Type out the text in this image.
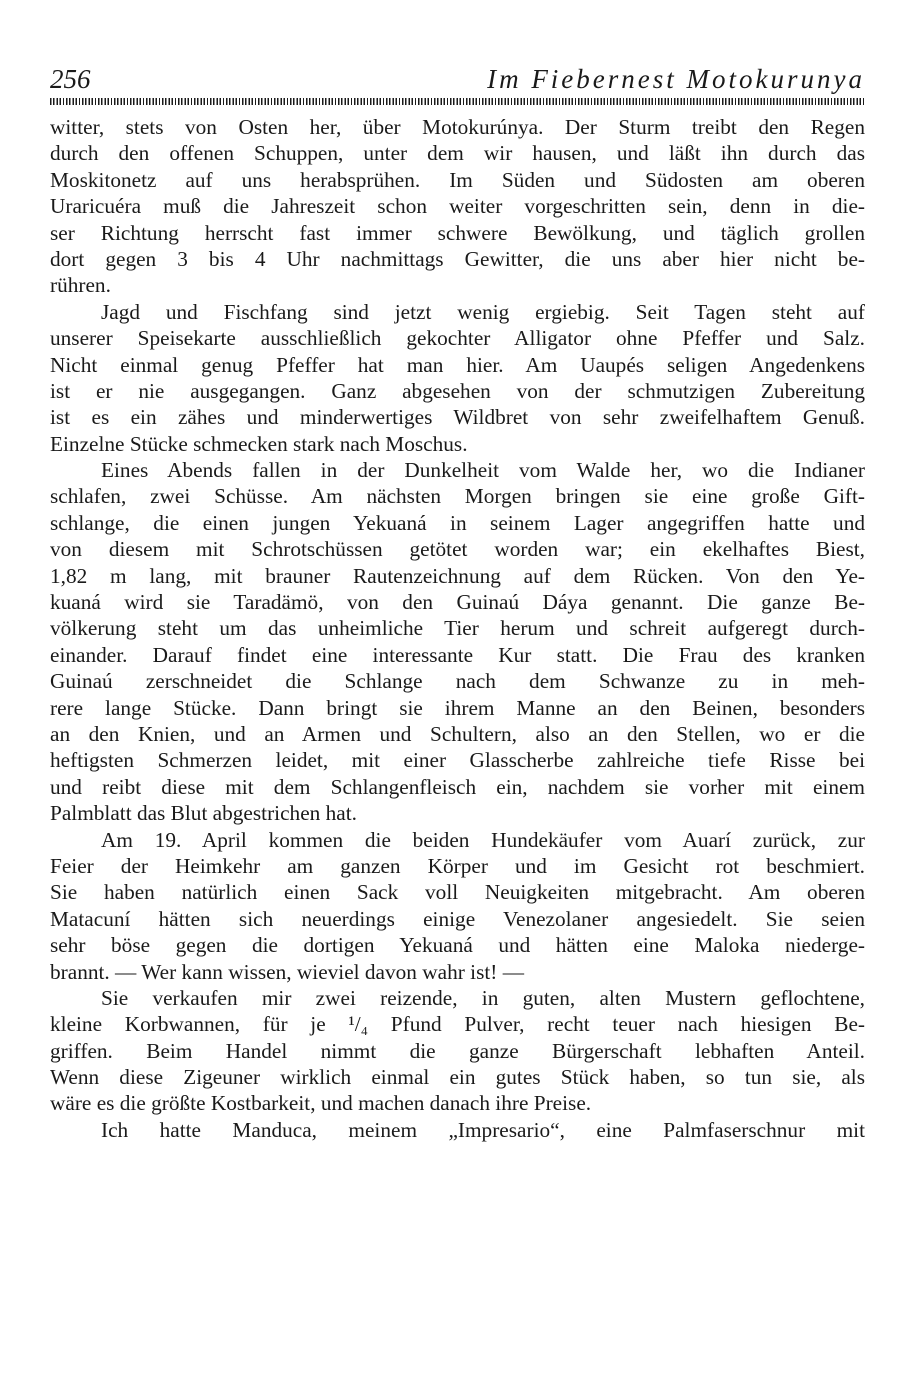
256	Im Fiebernest Motokurunya
witter, stets von Osten her, über Motokurúnya. Der Sturm treibt den Regen
durch den offenen Schuppen, unter dem wir hausen, und läßt ihn durch das
Moskitonetz auf uns herabsprühen. Im Süden und Südosten am oberen
Uraricuéra muß die Jahreszeit schon weiter vorgeschritten sein, denn in die-
ser Richtung herrscht fast immer schwere Bewölkung, und täglich grollen
dort gegen 3 bis 4 Uhr nachmittags Gewitter, die uns aber hier nicht be-
rühren.
Jagd und Fischfang sind jetzt wenig ergiebig. Seit Tagen steht auf
unserer Speisekarte ausschließlich gekochter Alligator ohne Pfeffer und Salz.
Nicht einmal genug Pfeffer hat man hier. Am Uaupés seligen Angedenkens
ist er nie ausgegangen. Ganz abgesehen von der schmutzigen Zubereitung
ist es ein zähes und minderwertiges Wildbret von sehr zweifelhaftem Genuß.
Einzelne Stücke schmecken stark nach Moschus.
Eines Abends fallen in der Dunkelheit vom Walde her, wo die Indianer
schlafen, zwei Schüsse. Am nächsten Morgen bringen sie eine große Gift-
schlange, die einen jungen Yekuaná in seinem Lager angegriffen hatte und
von diesem mit Schrotschüssen getötet worden war; ein ekelhaftes Biest,
1,82 m lang, mit brauner Rautenzeichnung auf dem Rücken. Von den Ye-
kuaná wird sie Taradämö, von den Guinaú Dáya genannt. Die ganze Be-
völkerung steht um das unheimliche Tier herum und schreit aufgeregt durch-
einander. Darauf findet eine interessante Kur statt. Die Frau des kranken
Guinaú zerschneidet die Schlange nach dem Schwanze zu in meh-
rere lange Stücke. Dann bringt sie ihrem Manne an den Beinen, besonders
an den Knien, und an Armen und Schultern, also an den Stellen, wo er die
heftigsten Schmerzen leidet, mit einer Glasscherbe zahlreiche tiefe Risse bei
und reibt diese mit dem Schlangenfleisch ein, nachdem sie vorher mit einem
Palmblatt das Blut abgestrichen hat.
Am 19. April kommen die beiden Hundekäufer vom Auarí zurück, zur
Feier der Heimkehr am ganzen Körper und im Gesicht rot beschmiert.
Sie haben natürlich einen Sack voll Neuigkeiten mitgebracht. Am oberen
Matacuní hätten sich neuerdings einige Venezolaner angesiedelt. Sie seien
sehr böse gegen die dortigen Yekuaná und hätten eine Maloka niederge-
brannt. — Wer kann wissen, wieviel davon wahr ist! —
Sie verkaufen mir zwei reizende, in guten, alten Mustern geflochtene,
kleine Korbwannen, für je ¹/₄ Pfund Pulver, recht teuer nach hiesigen Be-
griffen. Beim Handel nimmt die ganze Bürgerschaft lebhaften Anteil.
Wenn diese Zigeuner wirklich einmal ein gutes Stück haben, so tun sie, als
wäre es die größte Kostbarkeit, und machen danach ihre Preise.
Ich hatte Manduca, meinem „Impresario“, eine Palmfaserschnur mit
